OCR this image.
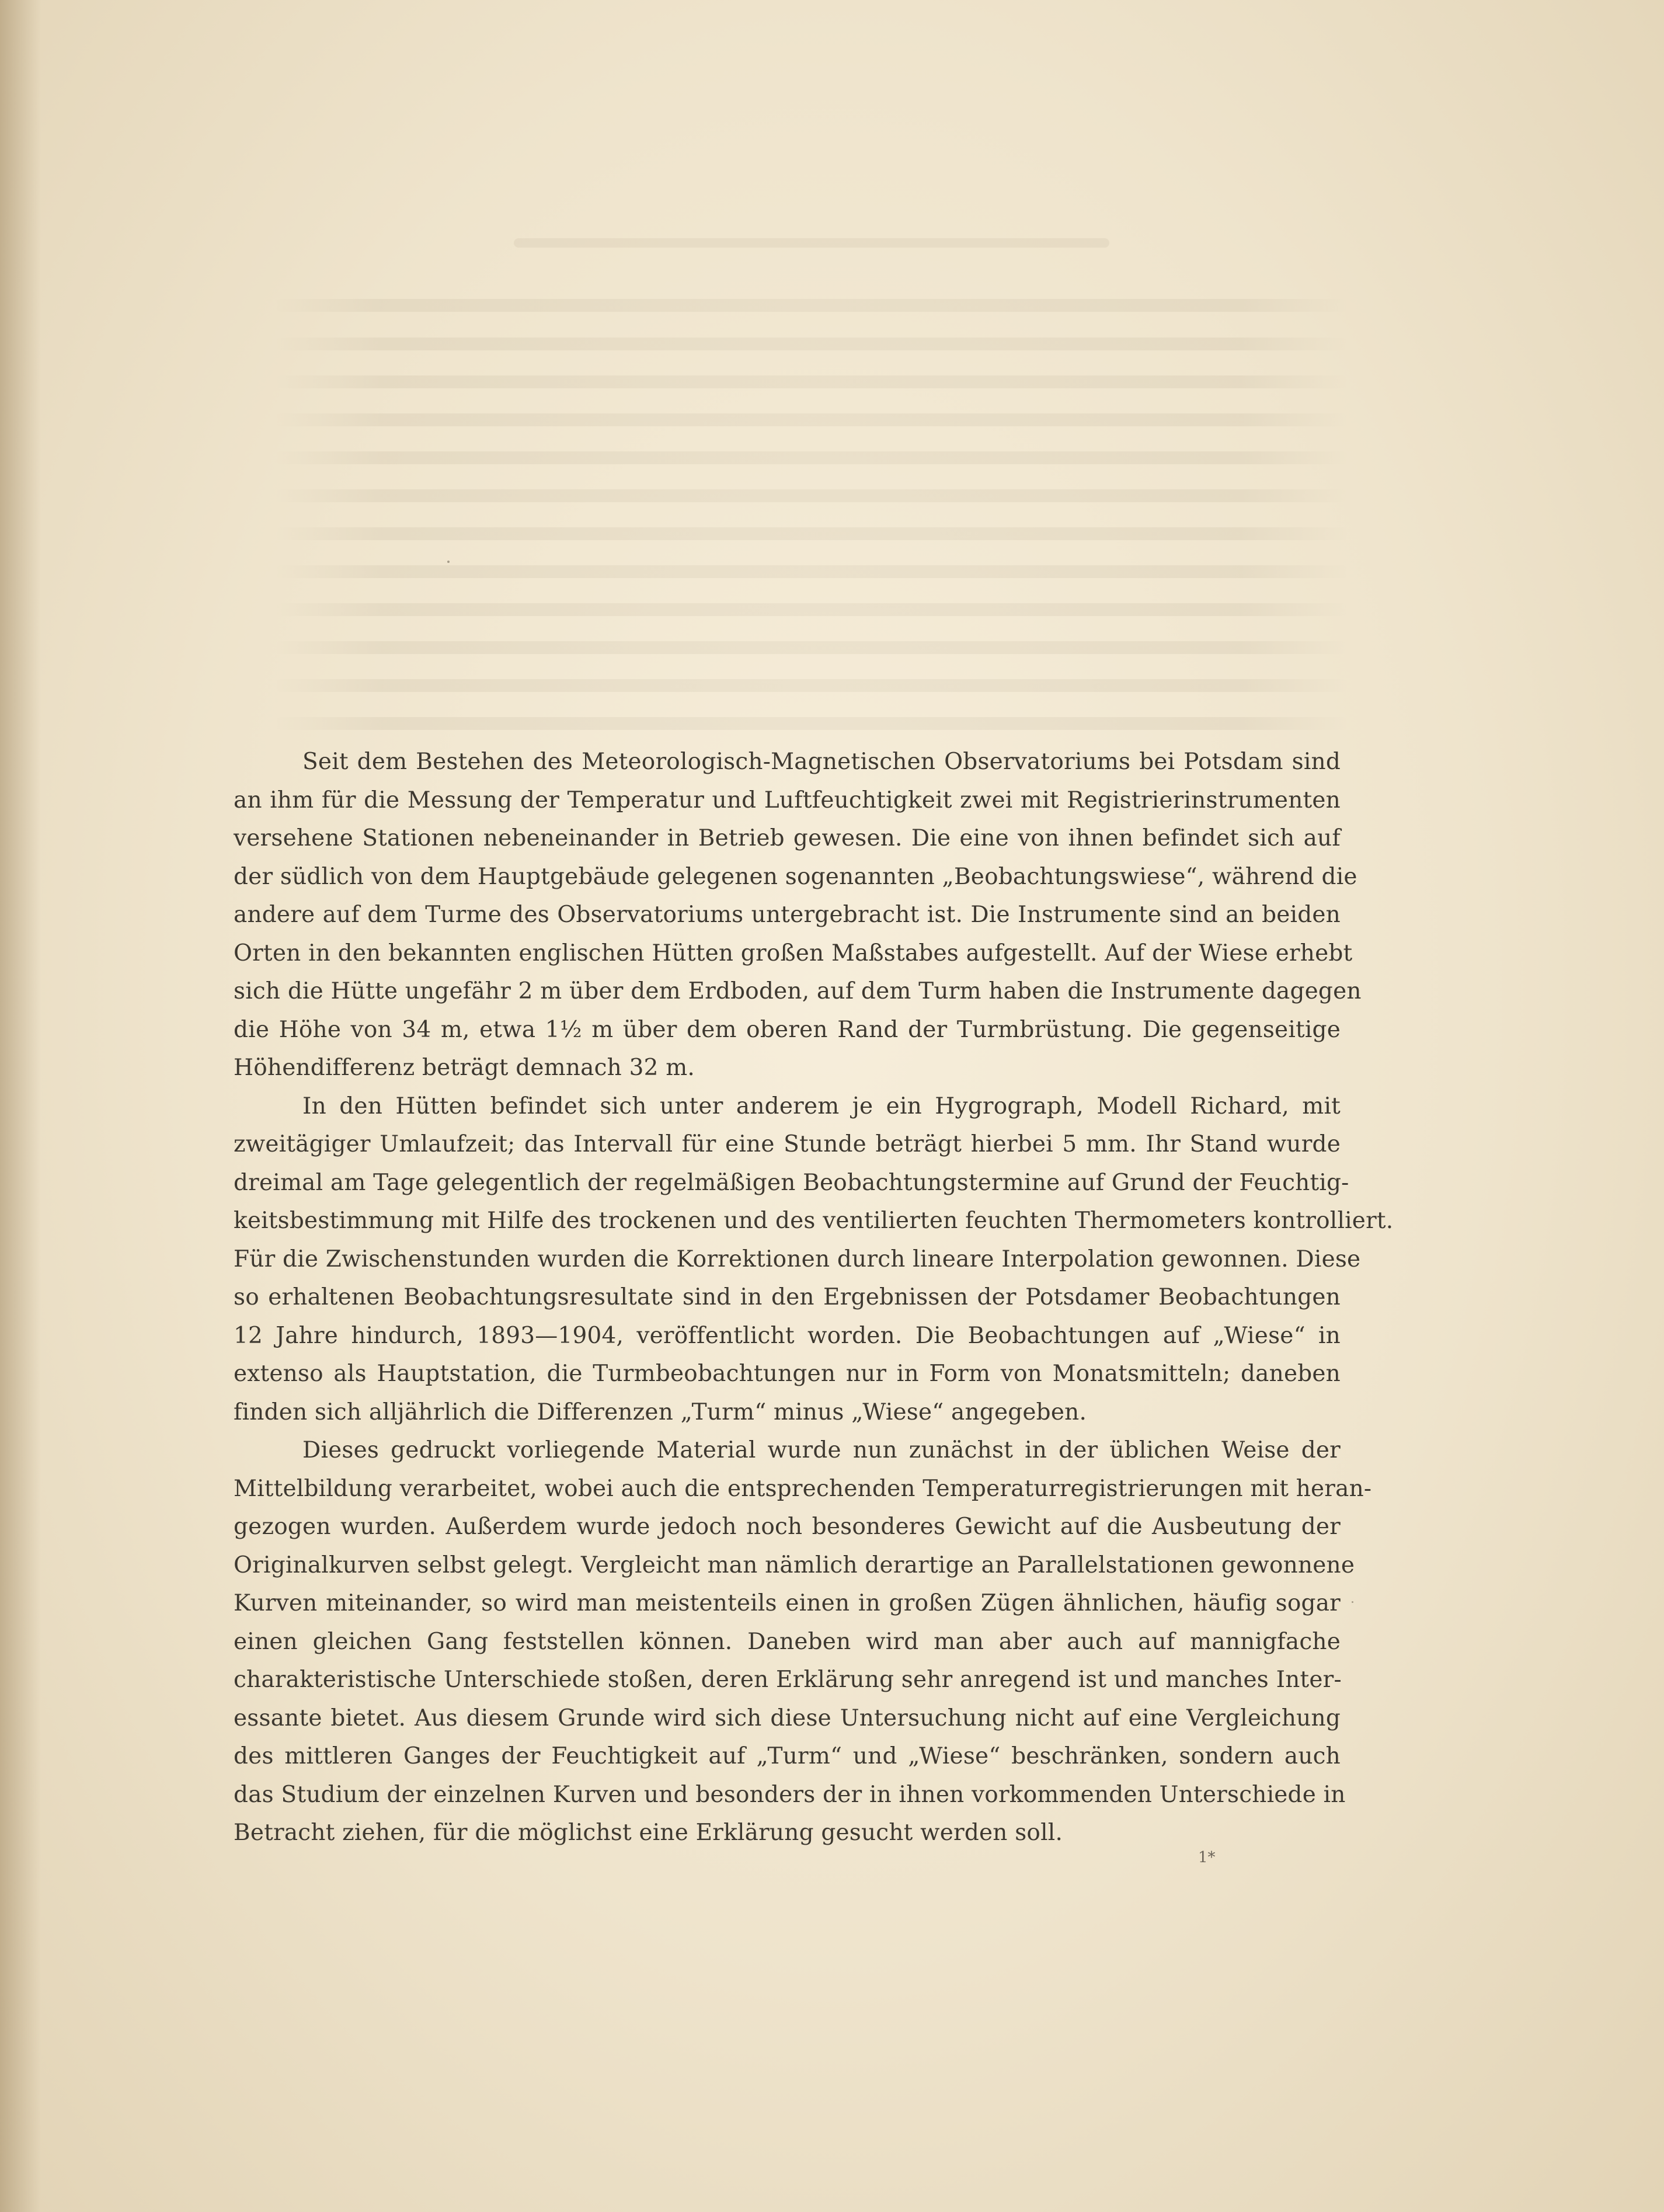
Seit dem Bestehen des Meteorologisch-Magnetischen Observatoriums bei Potsdam sind
an ihm für die Messung der Temperatur und Luftfeuchtigkeit zwei mit Registrierinstrumenten
versehene Stationen nebeneinander in Betrieb gewesen. Die eine von ihnen befindet sich auf
der südlich von dem Hauptgebäude gelegenen sogenannten „Beobachtungswiese“, während die
andere auf dem Turme des Observatoriums untergebracht ist. Die Instrumente sind an beiden
Orten in den bekannten englischen Hütten großen Maßstabes aufgestellt. Auf der Wiese erhebt
sich die Hütte ungefähr 2 m über dem Erdboden, auf dem Turm haben die Instrumente dagegen
die Höhe von 34 m, etwa 1½ m über dem oberen Rand der Turmbrüstung. Die gegenseitige
Höhendifferenz beträgt demnach 32 m.

In den Hütten befindet sich unter anderem je ein Hygrograph, Modell Richard, mit
zweitägiger Umlaufzeit; das Intervall für eine Stunde beträgt hierbei 5 mm. Ihr Stand wurde
dreimal am Tage gelegentlich der regelmäßigen Beobachtungstermine auf Grund der Feuchtig-
keitsbestimmung mit Hilfe des trockenen und des ventilierten feuchten Thermometers kontrolliert.
Für die Zwischenstunden wurden die Korrektionen durch lineare Interpolation gewonnen. Diese
so erhaltenen Beobachtungsresultate sind in den Ergebnissen der Potsdamer Beobachtungen
12 Jahre hindurch, 1893—1904, veröffentlicht worden. Die Beobachtungen auf „Wiese“ in
extenso als Hauptstation, die Turmbeobachtungen nur in Form von Monatsmitteln; daneben
finden sich alljährlich die Differenzen „Turm“ minus „Wiese“ angegeben.

Dieses gedruckt vorliegende Material wurde nun zunächst in der üblichen Weise der
Mittelbildung verarbeitet, wobei auch die entsprechenden Temperaturregistrierungen mit heran-
gezogen wurden. Außerdem wurde jedoch noch besonderes Gewicht auf die Ausbeutung der
Originalkurven selbst gelegt. Vergleicht man nämlich derartige an Parallelstationen gewonnene
Kurven miteinander, so wird man meistenteils einen in großen Zügen ähnlichen, häufig sogar
einen gleichen Gang feststellen können. Daneben wird man aber auch auf mannigfache
charakteristische Unterschiede stoßen, deren Erklärung sehr anregend ist und manches Inter-
essante bietet. Aus diesem Grunde wird sich diese Untersuchung nicht auf eine Vergleichung
des mittleren Ganges der Feuchtigkeit auf „Turm“ und „Wiese“ beschränken, sondern auch
das Studium der einzelnen Kurven und besonders der in ihnen vorkommenden Unterschiede in
Betracht ziehen, für die möglichst eine Erklärung gesucht werden soll.

1*
